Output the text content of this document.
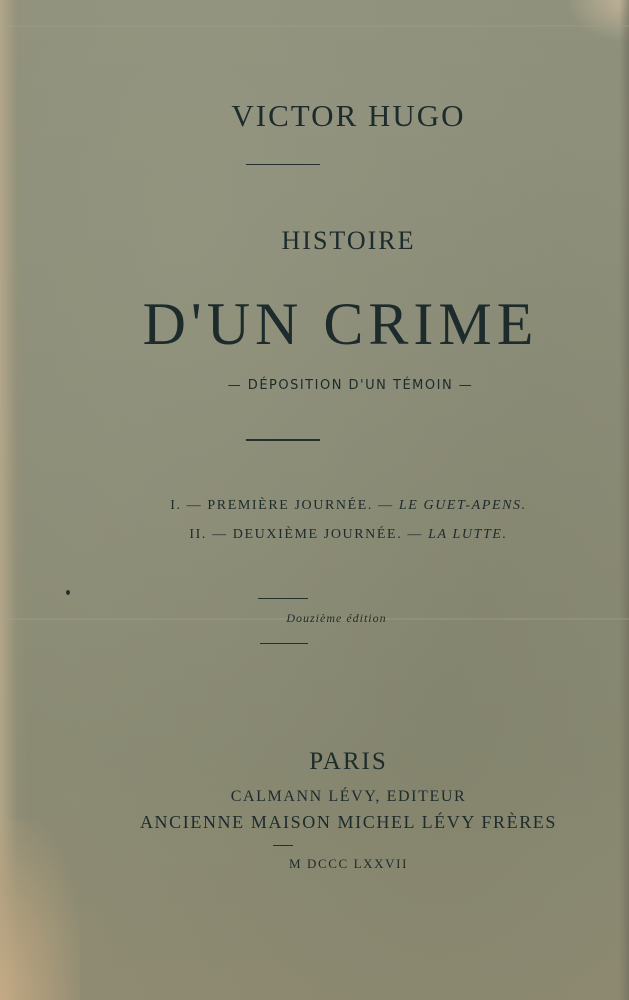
VICTOR HUGO
HISTOIRE
D'UN CRIME
— DÉPOSITION D'UN TÉMOIN —
I. — PREMIÈRE JOURNÉE. — LE GUET-APENS.
II. — DEUXIÈME JOURNÉE. — LA LUTTE.
Douzième édition
PARIS
CALMANN LÉVY, EDITEUR
ANCIENNE MAISON MICHEL LÉVY FRÈRES
M DCCC LXXVII
